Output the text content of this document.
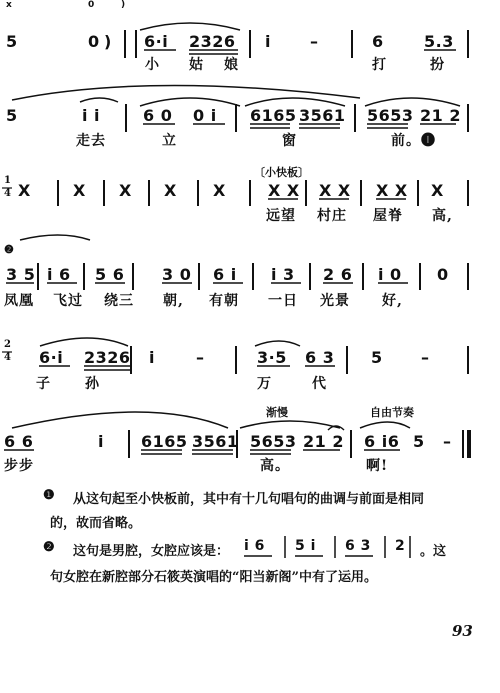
x	0	)
5	0 ) 6·i 2326 i –	6	5.3
小 姑 娘	打	扮
5	i i	6 0 0 i 6165 3561 5653 21 2
走去	立	窗	前。❶
〔小快板〕
X	X X X X	X X X X X X X
远望 村庄 屋脊 高,
❷
3 5 i 6 5 6 3 0 6 i i 3 2 6 i 0 0
凤凰 飞过 绕三 朝, 有朝 一日 光景 好,
6·i 2326 i	–	3·5 6 3 5 –
子 孙	万	代
渐慢	自由节奏
6 6	i 6165 3561 5653 21 2 6 i6 5 –
步步	高。	啊!
1
4
2
4
❶ 从这句起至小快板前，其中有十几句唱句的曲调与前面是相同
的，故而省略。
❷ 这句是男腔，女腔应该是： i 6 5 i 6 3 2 。这
句女腔在新腔部分石筱英演唱的“阳当新阁”中有了运用。
93
